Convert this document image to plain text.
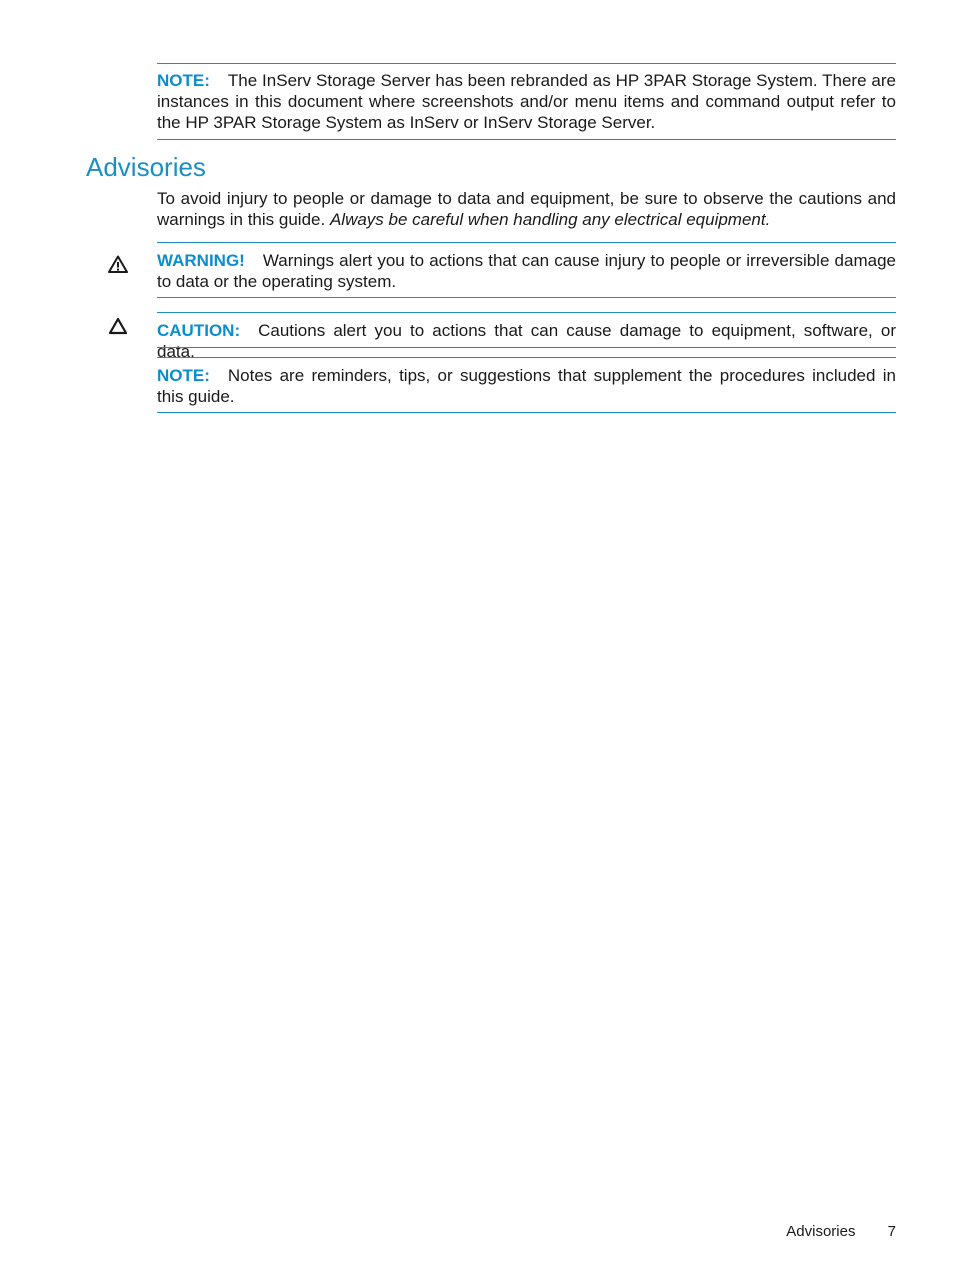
NOTE: The InServ Storage Server has been rebranded as HP 3PAR Storage System. There are instances in this document where screenshots and/or menu items and command output refer to the HP 3PAR Storage System as InServ or InServ Storage Server.
Advisories
To avoid injury to people or damage to data and equipment, be sure to observe the cautions and warnings in this guide. Always be careful when handling any electrical equipment.
WARNING! Warnings alert you to actions that can cause injury to people or irreversible damage to data or the operating system.
CAUTION: Cautions alert you to actions that can cause damage to equipment, software, or data.
NOTE: Notes are reminders, tips, or suggestions that supplement the procedures included in this guide.
Advisories 7
